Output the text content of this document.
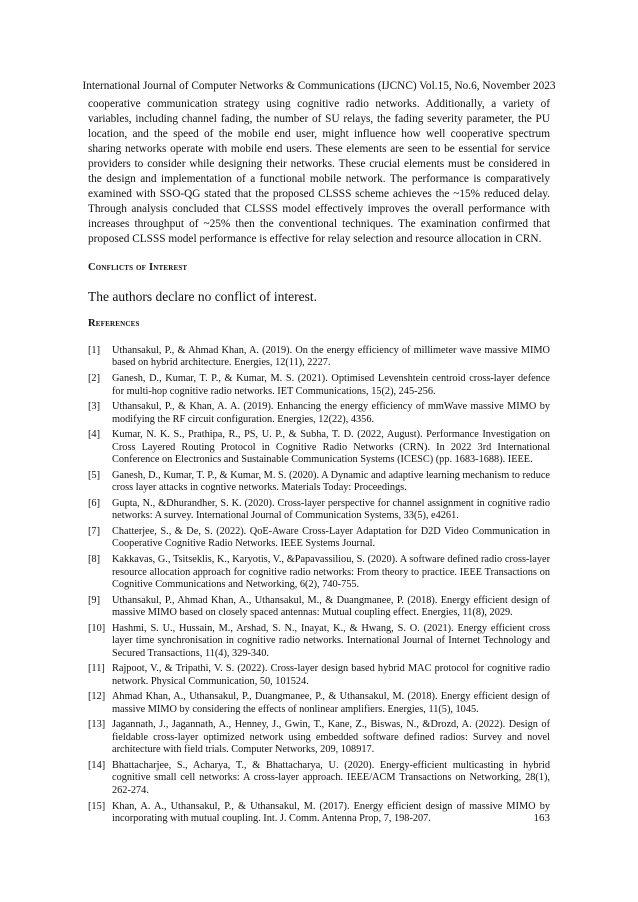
International Journal of Computer Networks & Communications (IJCNC) Vol.15, No.6, November 2023

cooperative communication strategy using cognitive radio networks. Additionally, a variety of variables, including channel fading, the number of SU relays, the fading severity parameter, the PU location, and the speed of the mobile end user, might influence how well cooperative spectrum sharing networks operate with mobile end users. These elements are seen to be essential for service providers to consider while designing their networks. These crucial elements must be considered in the design and implementation of a functional mobile network. The performance is comparatively examined with SSO-QG stated that the proposed CLSSS scheme achieves the ~15% reduced delay. Through analysis concluded that CLSSS model effectively improves the overall performance with increases throughput of ~25% then the conventional techniques. The examination confirmed that proposed CLSSS model performance is effective for relay selection and resource allocation in CRN.

Conflicts of Interest
The authors declare no conflict of interest.
References
[1]	Uthansakul, P., & Ahmad Khan, A. (2019). On the energy efficiency of millimeter wave massive MIMO based on hybrid architecture. Energies, 12(11), 2227.
[2]	Ganesh, D., Kumar, T. P., & Kumar, M. S. (2021). Optimised Levenshtein centroid cross-layer defence for multi-hop cognitive radio networks. IET Communications, 15(2), 245-256.
[3]	Uthansakul, P., & Khan, A. A. (2019). Enhancing the energy efficiency of mmWave massive MIMO by modifying the RF circuit configuration. Energies, 12(22), 4356.
[4]	Kumar, N. K. S., Prathipa, R., PS, U. P., & Subha, T. D. (2022, August). Performance Investigation on Cross Layered Routing Protocol in Cognitive Radio Networks (CRN). In 2022 3rd International Conference on Electronics and Sustainable Communication Systems (ICESC) (pp. 1683-1688). IEEE.
[5]	Ganesh, D., Kumar, T. P., & Kumar, M. S. (2020). A Dynamic and adaptive learning mechanism to reduce cross layer attacks in cogntive networks. Materials Today: Proceedings.
[6]	Gupta, N., &Dhurandher, S. K. (2020). Cross-layer perspective for channel assignment in cognitive radio networks: A survey. International Journal of Communication Systems, 33(5), e4261.
[7]	Chatterjee, S., & De, S. (2022). QoE-Aware Cross-Layer Adaptation for D2D Video Communication in Cooperative Cognitive Radio Networks. IEEE Systems Journal.
[8]	Kakkavas, G., Tsitseklis, K., Karyotis, V., &Papavassiliou, S. (2020). A software defined radio cross-layer resource allocation approach for cognitive radio networks: From theory to practice. IEEE Transactions on Cognitive Communications and Networking, 6(2), 740-755.
[9]	Uthansakul, P., Ahmad Khan, A., Uthansakul, M., & Duangmanee, P. (2018). Energy efficient design of massive MIMO based on closely spaced antennas: Mutual coupling effect. Energies, 11(8), 2029.
[10] Hashmi, S. U., Hussain, M., Arshad, S. N., Inayat, K., & Hwang, S. O. (2021). Energy efficient cross layer time synchronisation in cognitive radio networks. International Journal of Internet Technology and Secured Transactions, 11(4), 329-340.
[11] Rajpoot, V., & Tripathi, V. S. (2022). Cross-layer design based hybrid MAC protocol for cognitive radio network. Physical Communication, 50, 101524.
[12] Ahmad Khan, A., Uthansakul, P., Duangmanee, P., & Uthansakul, M. (2018). Energy efficient design of massive MIMO by considering the effects of nonlinear amplifiers. Energies, 11(5), 1045.
[13] Jagannath, J., Jagannath, A., Henney, J., Gwin, T., Kane, Z., Biswas, N., &Drozd, A. (2022). Design of fieldable cross-layer optimized network using embedded software defined radios: Survey and novel architecture with field trials. Computer Networks, 209, 108917.
[14] Bhattacharjee, S., Acharya, T., & Bhattacharya, U. (2020). Energy-efficient multicasting in hybrid cognitive small cell networks: A cross-layer approach. IEEE/ACM Transactions on Networking, 28(1), 262-274.
[15] Khan, A. A., Uthansakul, P., & Uthansakul, M. (2017). Energy efficient design of massive MIMO by incorporating with mutual coupling. Int. J. Comm. Antenna Prop, 7, 198-207.	163
